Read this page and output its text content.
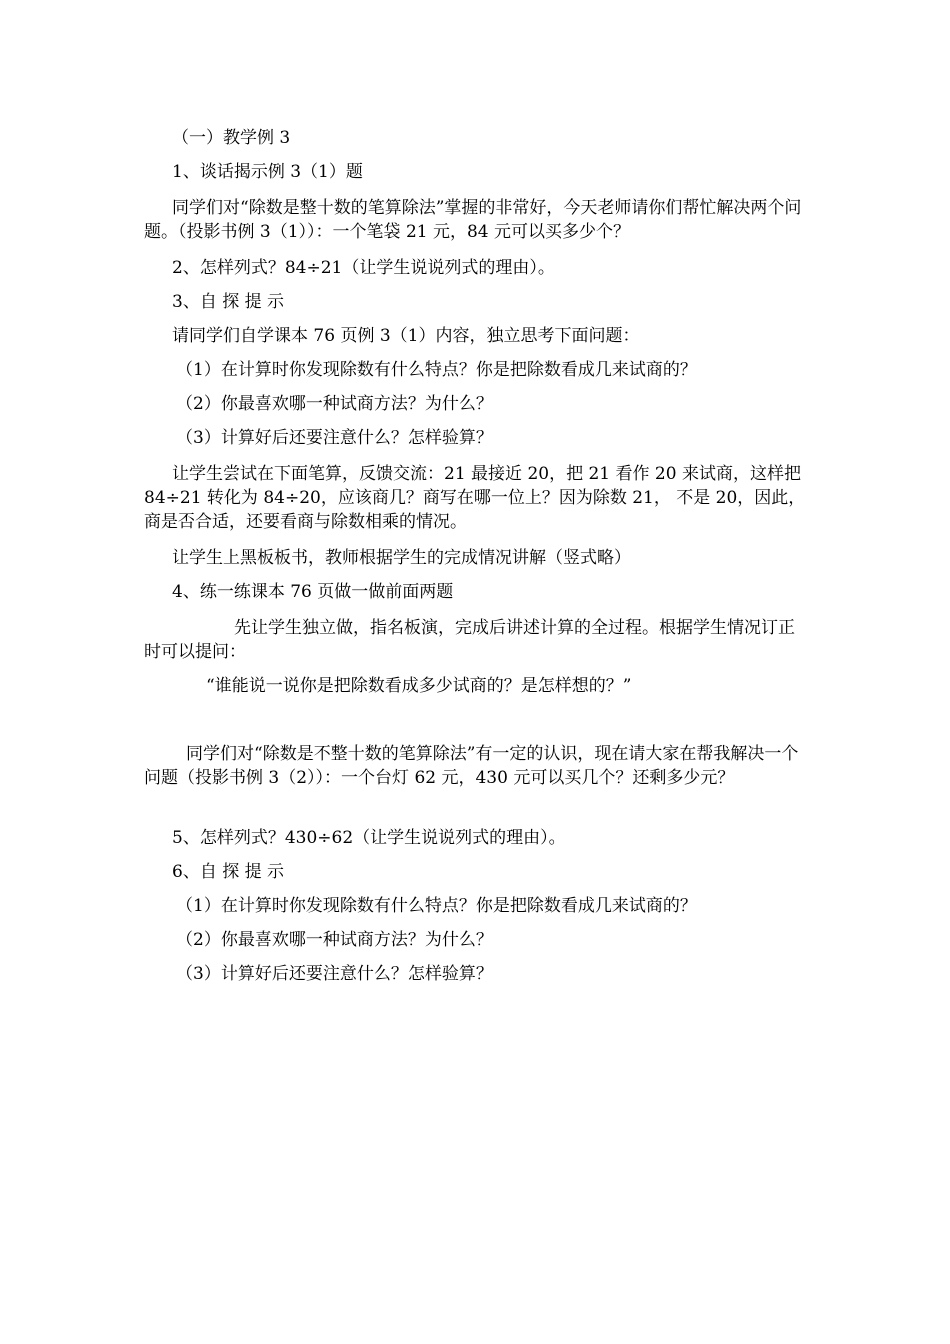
（一）教学例 3

1、谈话揭示例 3（1）题

同学们对“除数是整十数的笔算除法”掌握的非常好，今天老师请你们帮忙解决两个问题。（投影书例 3（1））：一个笔袋 21 元，84 元可以买多少个？

2、怎样列式？84÷21（让学生说说列式的理由）。

3、自 探 提 示

请同学们自学课本 76 页例 3（1）内容，独立思考下面问题：

（1）在计算时你发现除数有什么特点？你是把除数看成几来试商的？

（2）你最喜欢哪一种试商方法？为什么？

（3）计算好后还要注意什么？怎样验算？

让学生尝试在下面笔算，反馈交流：21 最接近 20，把 21 看作 20 来试商，这样把 84÷21 转化为 84÷20，应该商几？商写在哪一位上？因为除数 21， 不是 20，因此，商是否合适，还要看商与除数相乘的情况。

让学生上黑板板书，教师根据学生的完成情况讲解（竖式略）

4、练一练课本 76 页做一做前面两题

先让学生独立做，指名板演，完成后讲述计算的全过程。根据学生情况订正时可以提问：

“谁能说一说你是把除数看成多少试商的？是怎样想的？”

同学们对“除数是不整十数的笔算除法”有一定的认识，现在请大家在帮我解决一个问题（投影书例 3（2））：一个台灯 62 元，430 元可以买几个？还剩多少元？

5、怎样列式？430÷62（让学生说说列式的理由）。

6、自 探 提 示

（1）在计算时你发现除数有什么特点？你是把除数看成几来试商的？

（2）你最喜欢哪一种试商方法？为什么？

（3）计算好后还要注意什么？怎样验算？
